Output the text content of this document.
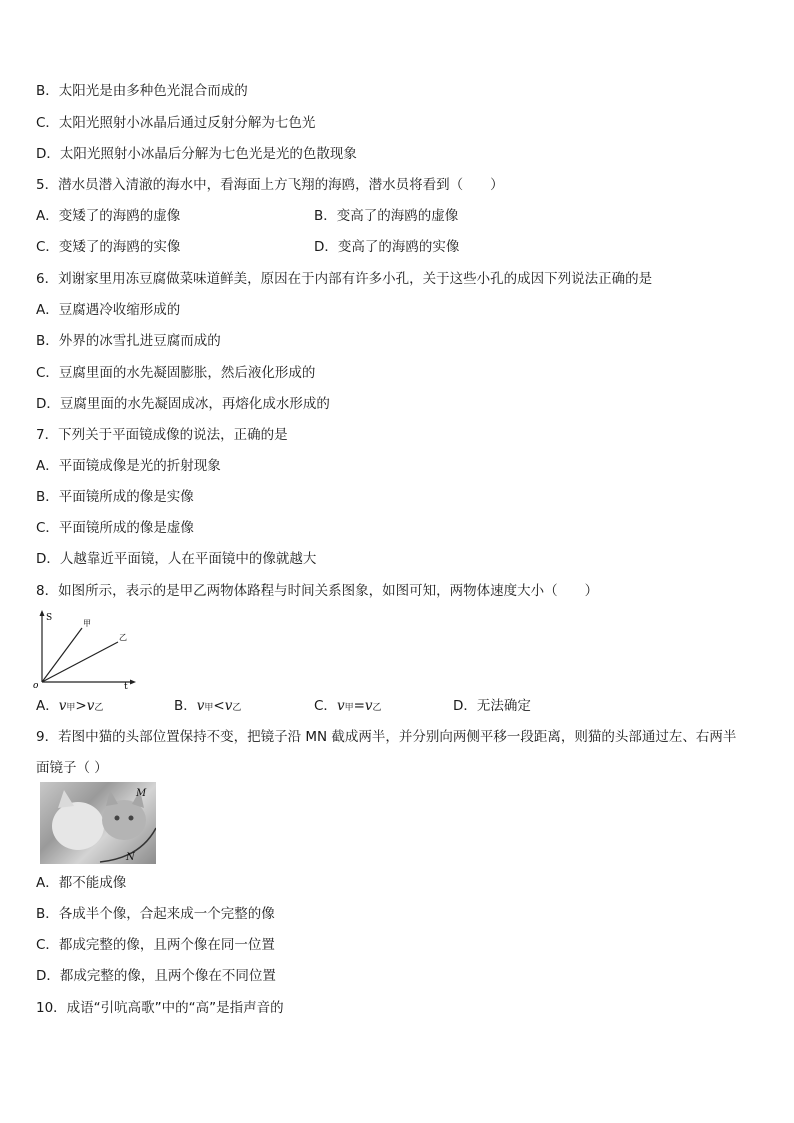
B．太阳光是由多种色光混合而成的
C．太阳光照射小冰晶后通过反射分解为七色光
D．太阳光照射小冰晶后分解为七色光是光的色散现象
5．潜水员潜入清澈的海水中，看海面上方飞翔的海鸥，潜水员将看到（　　）
A．变矮了的海鸥的虚像	B．变高了的海鸥的虚像
C．变矮了的海鸥的实像	D．变高了的海鸥的实像
6．刘谢家里用冻豆腐做菜味道鲜美，原因在于内部有许多小孔，关于这些小孔的成因下列说法正确的是
A．豆腐遇冷收缩形成的
B．外界的冰雪扎进豆腐而成的
C．豆腐里面的水先凝固膨胀，然后液化形成的
D．豆腐里面的水先凝固成冰，再熔化成水形成的
7．下列关于平面镜成像的说法，正确的是
A．平面镜成像是光的折射现象
B．平面镜所成的像是实像
C．平面镜所成的像是虚像
D．人越靠近平面镜，人在平面镜中的像就越大
8．如图所示，表示的是甲乙两物体路程与时间关系图象，如图可知，两物体速度大小（　　）
S
t
o
甲
乙
A．v甲>v乙	B．v甲<v乙	C．v甲=v乙	D．无法确定
9．若图中猫的头部位置保持不变，把镜子沿 MN 截成两半，并分别向两侧平移一段距离，则猫的头部通过左、右两半
面镜子（ ）
M
N
A．都不能成像
B．各成半个像，合起来成一个完整的像
C．都成完整的像，且两个像在同一位置
D．都成完整的像，且两个像在不同位置
10．成语“引吭高歌”中的“高”是指声音的
